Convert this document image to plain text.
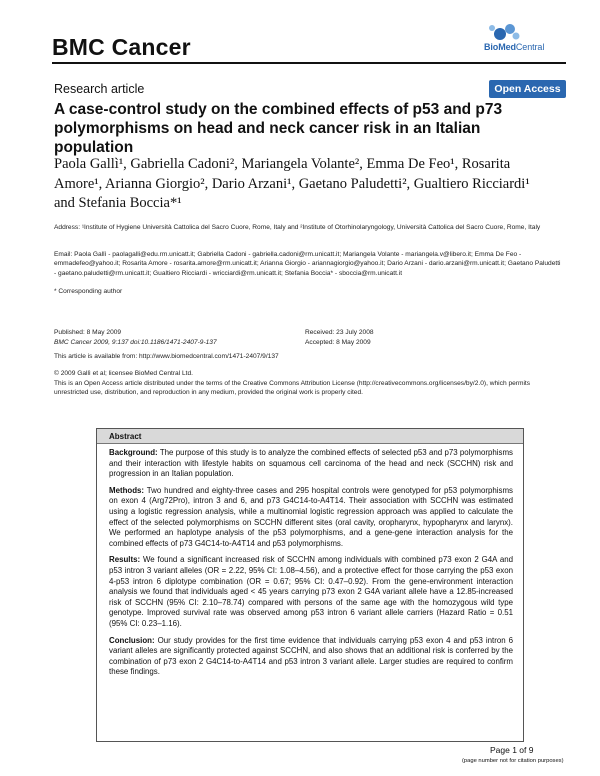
BMC Cancer	BioMedCentral
Research article	Open Access
A case-control study on the combined effects of p53 and p73 polymorphisms on head and neck cancer risk in an Italian population
Paola Gallì¹, Gabriella Cadoni², Mariangela Volante², Emma De Feo¹, Rosarita Amore¹, Arianna Giorgio², Dario Arzani¹, Gaetano Paludetti², Gualtiero Ricciardi¹ and Stefania Boccia*¹
Address: ¹Institute of Hygiene Università Cattolica del Sacro Cuore, Rome, Italy and ²Institute of Otorhinolaryngology, Università Cattolica del Sacro Cuore, Rome, Italy
Email: Paola Gallì - paolagalli@edu.rm.unicatt.it; Gabriella Cadoni - gabriella.cadoni@rm.unicatt.it; Mariangela Volante - mariangela.v@libero.it; Emma De Feo - emmadefeo@yahoo.it; Rosarita Amore - rosarita.amore@rm.unicatt.it; Arianna Giorgio - ariannagiorgio@yahoo.it; Dario Arzani - dario.arzani@rm.unicatt.it; Gaetano Paludetti - gaetano.paludetti@rm.unicatt.it; Gualtiero Ricciardi - wricciardi@rm.unicatt.it; Stefania Boccia* - sboccia@rm.unicatt.it
* Corresponding author
Published: 8 May 2009	Received: 23 July 2008
BMC Cancer 2009, 9:137 doi:10.1186/1471-2407-9-137	Accepted: 8 May 2009
This article is available from: http://www.biomedcentral.com/1471-2407/9/137
© 2009 Gallì et al; licensee BioMed Central Ltd.
This is an Open Access article distributed under the terms of the Creative Commons Attribution License (http://creativecommons.org/licenses/by/2.0), which permits unrestricted use, distribution, and reproduction in any medium, provided the original work is properly cited.
Abstract

Background: The purpose of this study is to analyze the combined effects of selected p53 and p73 polymorphisms and their interaction with lifestyle habits on squamous cell carcinoma of the head and neck (SCCHN) risk and progression in an Italian population.

Methods: Two hundred and eighty-three cases and 295 hospital controls were genotyped for p53 polymorphisms on exon 4 (Arg72Pro), intron 3 and 6, and p73 G4C14-to-A4T14. Their association with SCCHN was estimated using a logistic regression analysis, while a multinomial logistic regression approach was applied to calculate the effect of the selected polymorphisms on SCCHN different sites (oral cavity, oropharynx, hypopharynx and larynx). We performed an haplotype analysis of the p53 polymorphisms, and a gene-gene interaction analysis for the combined effects of p73 G4C14-to-A4T14 and p53 polymorphisms.

Results: We found a significant increased risk of SCCHN among individuals with combined p73 exon 2 G4A and p53 intron 3 variant alleles (OR = 2.22, 95% CI: 1.08–4.56), and a protective effect for those carrying the p53 exon 4-p53 intron 6 diplotype combination (OR = 0.67; 95% CI: 0.47–0.92). From the gene-environment interaction analysis we found that individuals aged < 45 years carrying p73 exon 2 G4A variant allele have a 12.85-increased risk of SCCHN (95% CI: 2.10–78.74) compared with persons of the same age with the homozygous wild type genotype. Improved survival rate was observed among p53 intron 6 variant allele carriers (Hazard Ratio = 0.51 (95% CI: 0.23–1.16).

Conclusion: Our study provides for the first time evidence that individuals carrying p53 exon 4 and p53 intron 6 variant alleles are significantly protected against SCCHN, and also shows that an additional risk is conferred by the combination of p73 exon 2 G4C14-to-A4T14 and p53 intron 3 variant allele. Larger studies are required to confirm these findings.

Page 1 of 9
(page number not for citation purposes)
